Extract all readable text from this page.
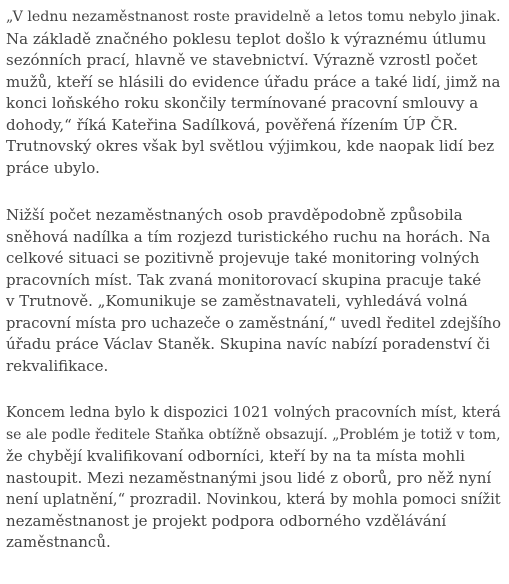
„V lednu nezaměstnanost roste pravidelně a letos tomu nebylo jinak.
Na základě značného poklesu teplot došlo k výraznému útlumu
sezónních prací, hlavně ve stavebnictví. Výrazně vzrostl počet
mužů, kteří se hlásili do evidence úřadu práce a také lidí, jimž na
konci loňského roku skončily termínované pracovní smlouvy a
dohody,“ říká Kateřina Sadílková, pověřená řízením ÚP ČR.
Trutnovský okres však byl světlou výjimkou, kde naopak lidí bez
práce ubylo.

Nižší počet nezaměstnaných osob pravděpodobně způsobila
sněhová nadílka a tím rozjezd turistického ruchu na horách. Na
celkové situaci se pozitivně projevuje také monitoring volných
pracovních míst. Tak zvaná monitorovací skupina pracuje také
v Trutnově. „Komunikuje se zaměstnavateli, vyhledává volná
pracovní místa pro uchazeče o zaměstnání,“ uvedl ředitel zdejšího
úřadu práce Václav Staněk. Skupina navíc nabízí poradenství či
rekvalifikace.

Koncem ledna bylo k dispozici 1021 volných pracovních míst, která
se ale podle ředitele Staňka obtížně obsazují. „Problém je totiž v tom,
že chybějí kvalifikovaní odborníci, kteří by na ta místa mohli
nastoupit. Mezi nezaměstnanými jsou lidé z oborů, pro něž nyní
není uplatnění,“ prozradil. Novinkou, která by mohla pomoci snížit
nezaměstnanost je projekt podpora odborného vzdělávání
zaměstnanců.
